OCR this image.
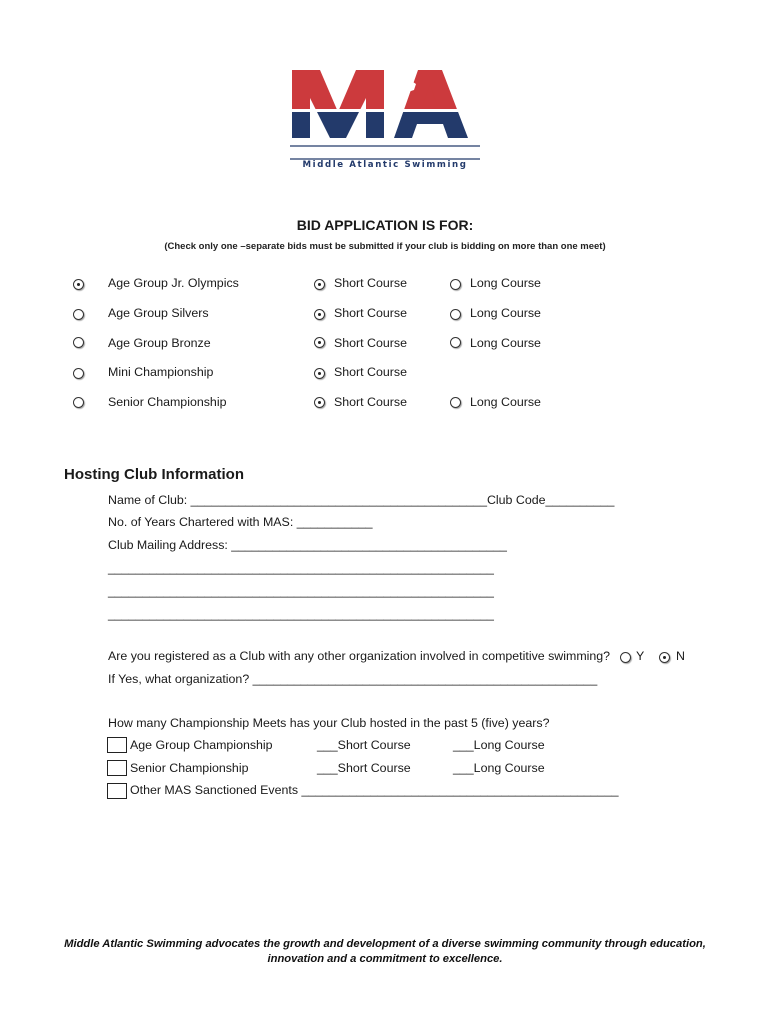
Middle Atlantic Swimming
BID APPLICATION IS FOR:
(Check only one –separate bids must be submitted if your club is bidding on more than one meet)
Age Group Jr. Olympics	Short Course	Long Course
Age Group Silvers	Short Course	Long Course
Age Group Bronze	Short Course	Long Course
Mini Championship	Short Course
Senior Championship	Short Course	Long Course
Hosting Club Information
Name of Club: ___________________________________________Club Code__________
No. of Years Chartered with MAS: ___________
Club Mailing Address: ________________________________________
________________________________________________________
________________________________________________________
________________________________________________________
Are you registered as a Club with any other organization involved in competitive swimming? Y	N
If Yes, what organization? __________________________________________________
How many Championship Meets has your Club hosted in the past 5 (five) years?
Age Group Championship	___Short Course	___Long Course
Senior Championship	___Short Course	___Long Course
Other MAS Sanctioned Events ______________________________________________
Middle Atlantic Swimming advocates the growth and development of a diverse swimming community through education,
innovation and a commitment to excellence.
